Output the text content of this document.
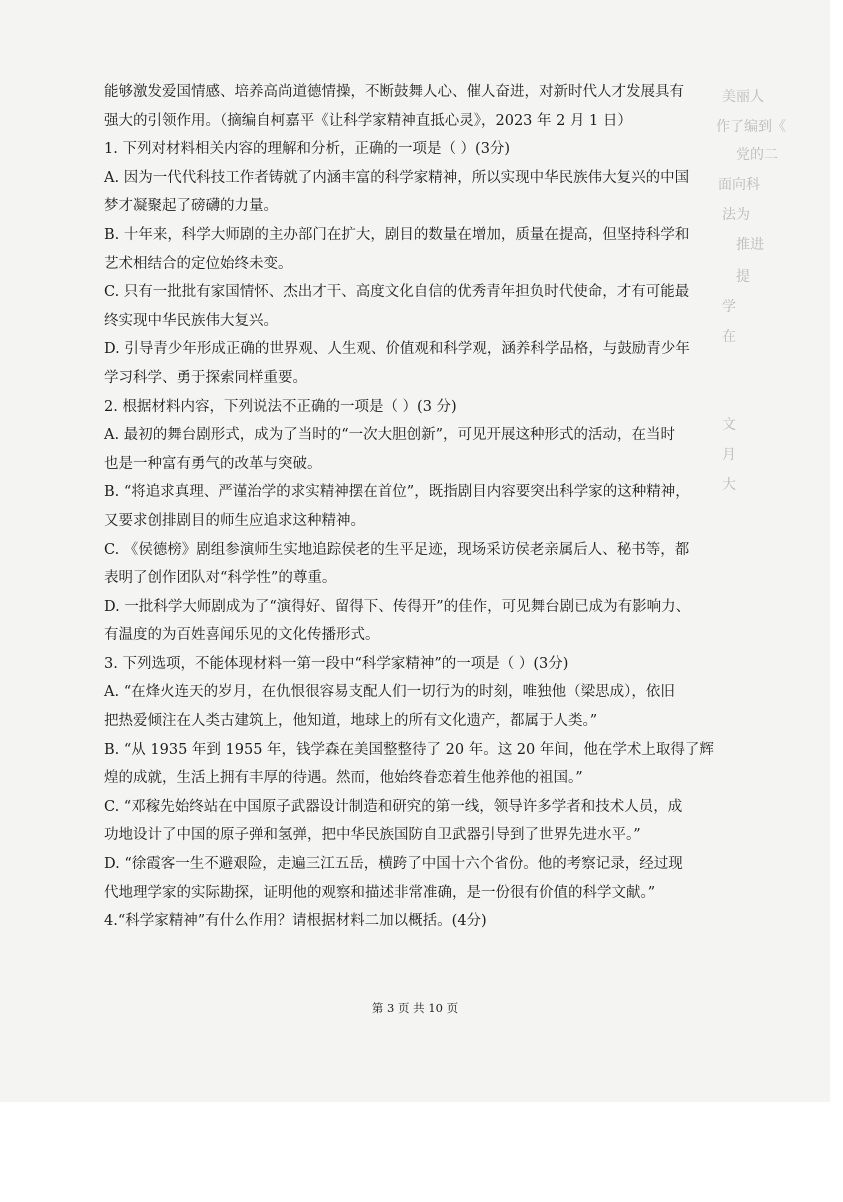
美丽人
作了编到《
党的二
面向科
法为
推进
提
学
在
文
月
大
能够激发爱国情感、培养高尚道德情操，不断鼓舞人心、催人奋进，对新时代人才发展具有
强大的引领作用。（摘编自柯嘉平《让科学家精神直抵心灵》，2023 年 2 月 1 日）
1. 下列对材料相关内容的理解和分析，正确的一项是（ ）(3分)
A. 因为一代代科技工作者铸就了内涵丰富的科学家精神，所以实现中华民族伟大复兴的中国
梦才凝聚起了磅礴的力量。
B. 十年来，科学大师剧的主办部门在扩大，剧目的数量在增加，质量在提高，但坚持科学和
艺术相结合的定位始终未变。
C. 只有一批批有家国情怀、杰出才干、高度文化自信的优秀青年担负时代使命，才有可能最
终实现中华民族伟大复兴。
D. 引导青少年形成正确的世界观、人生观、价值观和科学观，涵养科学品格，与鼓励青少年
学习科学、勇于探索同样重要。
2. 根据材料内容，下列说法不正确的一项是（ ）(3 分)
A. 最初的舞台剧形式，成为了当时的“一次大胆创新”，可见开展这种形式的活动，在当时
也是一种富有勇气的改革与突破。
B. “将追求真理、严谨治学的求实精神摆在首位”，既指剧目内容要突出科学家的这种精神，
又要求创排剧目的师生应追求这种精神。
C. 《侯德榜》剧组参演师生实地追踪侯老的生平足迹，现场采访侯老亲属后人、秘书等，都
表明了创作团队对“科学性”的尊重。
D. 一批科学大师剧成为了“演得好、留得下、传得开”的佳作，可见舞台剧已成为有影响力、
有温度的为百姓喜闻乐见的文化传播形式。
3. 下列选项，不能体现材料一第一段中“科学家精神”的一项是（ ）(3分)
A. “在烽火连天的岁月，在仇恨很容易支配人们一切行为的时刻，唯独他（梁思成），依旧
把热爱倾注在人类古建筑上，他知道，地球上的所有文化遗产，都属于人类。”
B. “从 1935 年到 1955 年，钱学森在美国整整待了 20 年。这 20 年间，他在学术上取得了辉
煌的成就，生活上拥有丰厚的待遇。然而，他始终眷恋着生他养他的祖国。”
C. “邓稼先始终站在中国原子武器设计制造和研究的第一线，领导许多学者和技术人员，成
功地设计了中国的原子弹和氢弹，把中华民族国防自卫武器引导到了世界先进水平。”
D. “徐霞客一生不避艰险，走遍三江五岳，横跨了中国十六个省份。他的考察记录，经过现
代地理学家的实际勘探，证明他的观察和描述非常准确，是一份很有价值的科学文献。”
4.“科学家精神”有什么作用？请根据材料二加以概括。(4分)
第 3 页 共 10 页
